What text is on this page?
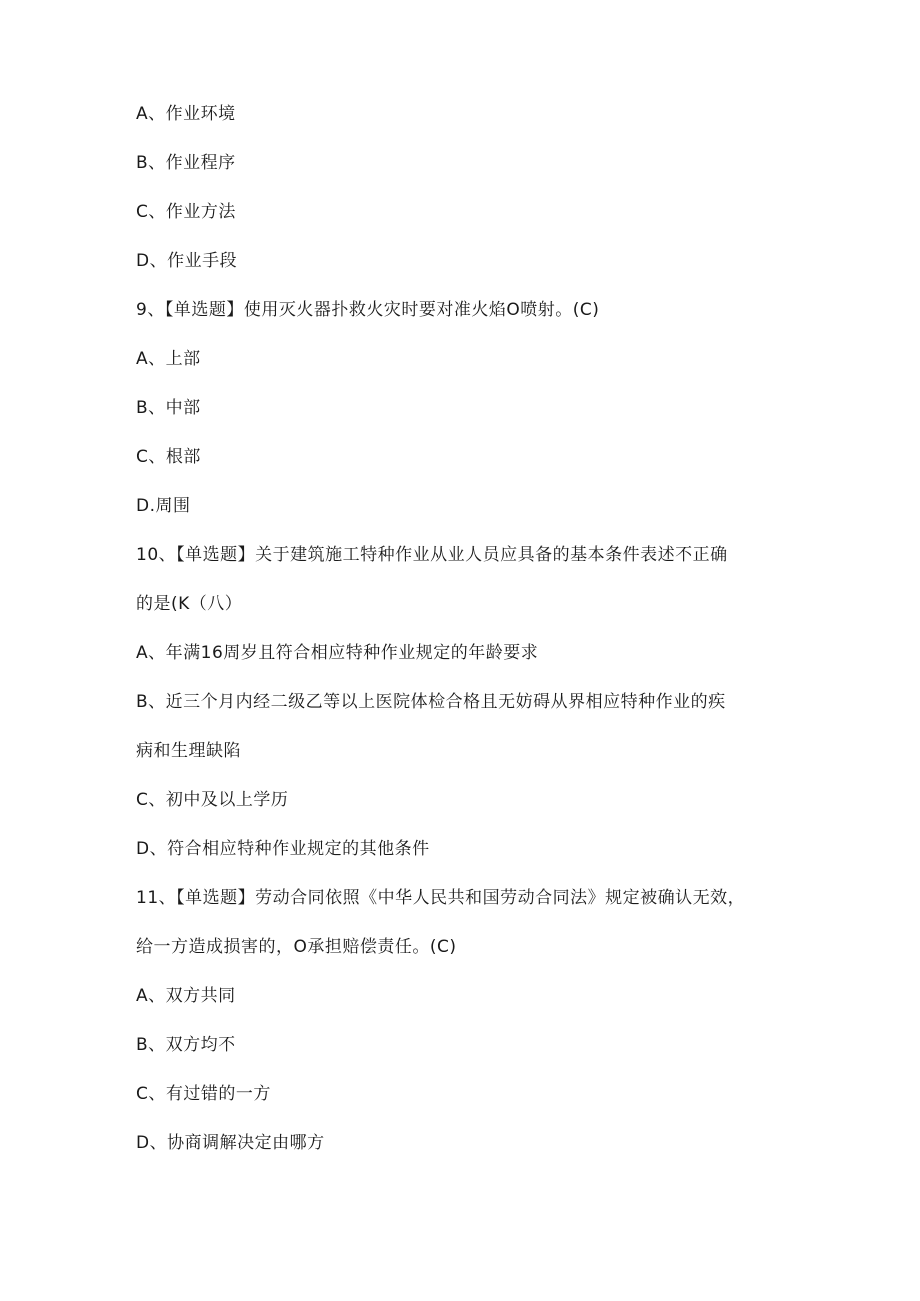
A、作业环境
B、作业程序
C、作业方法
D、作业手段
9、【单选题】使用灭火器扑救火灾时要对准火焰O喷射。(C)
A、上部
B、中部
C、根部
D.周围
10、【单选题】关于建筑施工特种作业从业人员应具备的基本条件表述不正确
的是(K（八）
A、年满16周岁且符合相应特种作业规定的年龄要求
B、近三个月内经二级乙等以上医院体检合格且无妨碍从界相应特种作业的疾
病和生理缺陷
C、初中及以上学历
D、符合相应特种作业规定的其他条件
11、【单选题】劳动合同依照《中华人民共和国劳动合同法》规定被确认无效，
给一方造成损害的，O承担赔偿责任。(C)
A、双方共同
B、双方均不
C、有过错的一方
D、协商调解决定由哪方
